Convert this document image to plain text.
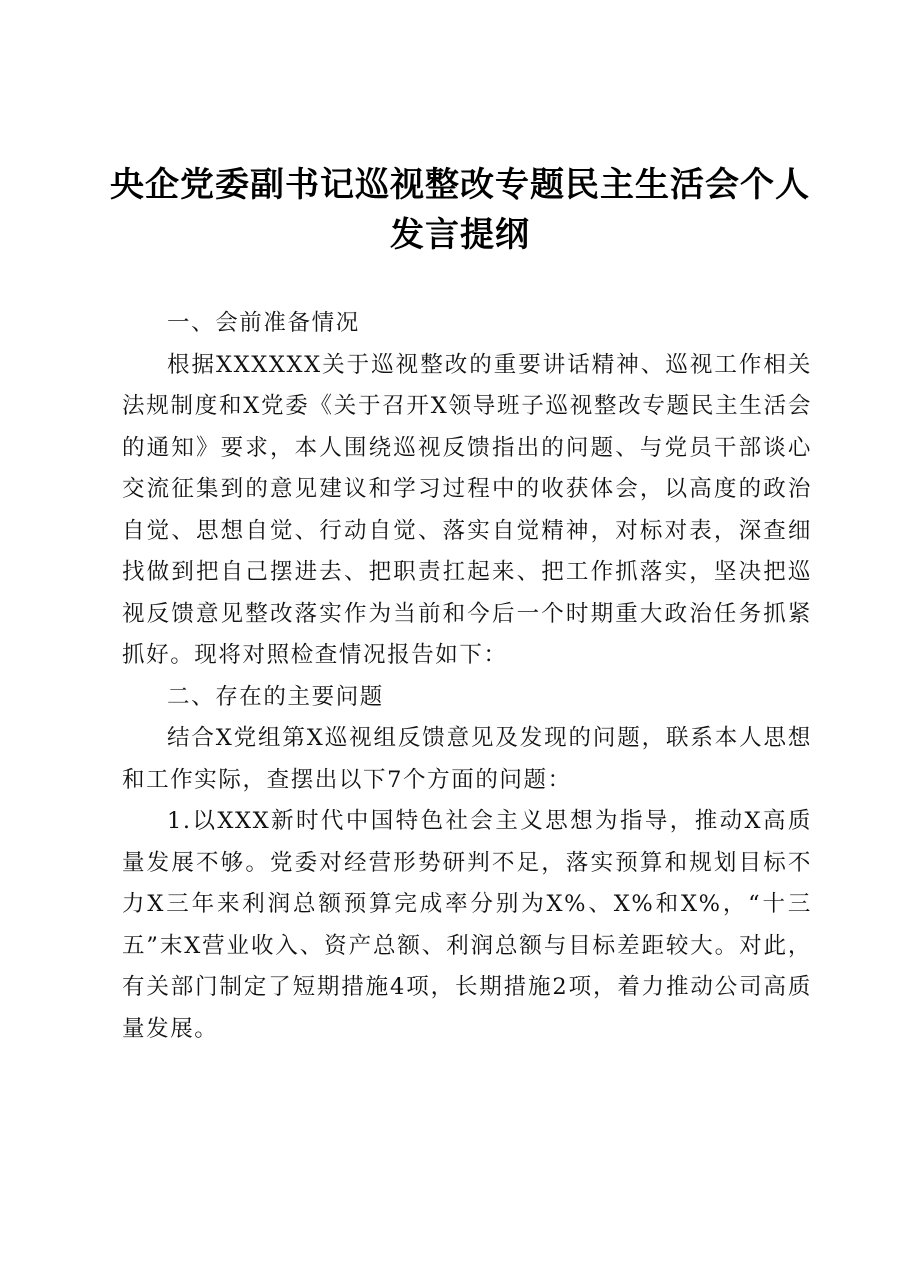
央企党委副书记巡视整改专题民主生活会个人发言提纲

一、会前准备情况

根据XXXXXX关于巡视整改的重要讲话精神、巡视工作相关法规制度和X党委《关于召开X领导班子巡视整改专题民主生活会的通知》要求，本人围绕巡视反馈指出的问题、与党员干部谈心交流征集到的意见建议和学习过程中的收获体会，以高度的政治自觉、思想自觉、行动自觉、落实自觉精神，对标对表，深查细找做到把自己摆进去、把职责扛起来、把工作抓落实，坚决把巡视反馈意见整改落实作为当前和今后一个时期重大政治任务抓紧抓好。现将对照检查情况报告如下：

二、存在的主要问题

结合X党组第X巡视组反馈意见及发现的问题，联系本人思想和工作实际，查摆出以下7个方面的问题：

1.以XXX新时代中国特色社会主义思想为指导，推动X高质量发展不够。党委对经营形势研判不足，落实预算和规划目标不力X三年来利润总额预算完成率分别为X%、X%和X%，“十三五”末X营业收入、资产总额、利润总额与目标差距较大。对此，有关部门制定了短期措施4项，长期措施2项，着力推动公司高质量发展。
